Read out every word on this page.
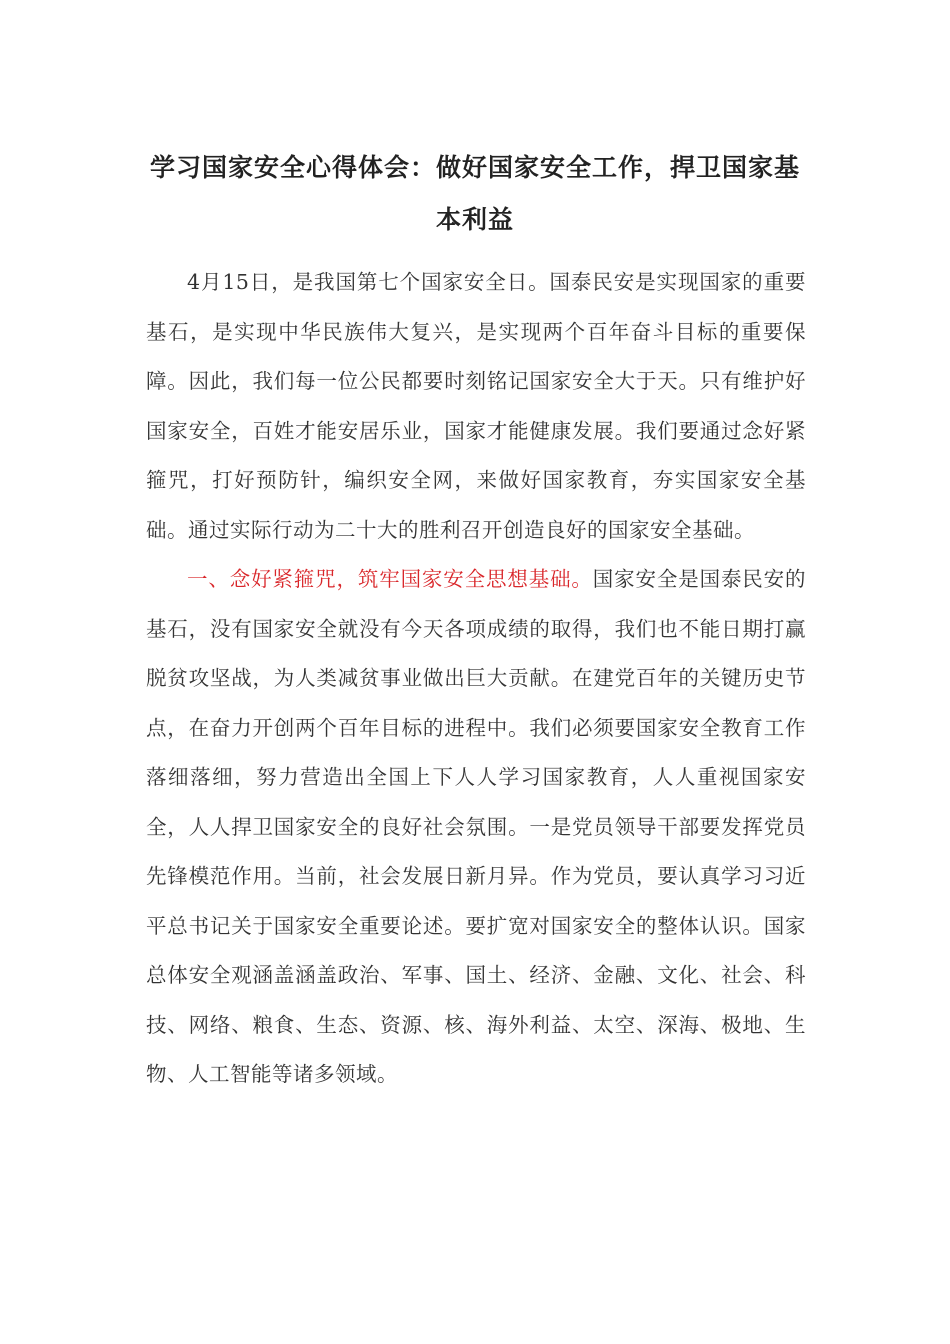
学习国家安全心得体会：做好国家安全工作，捍卫国家基本利益

4月15日，是我国第七个国家安全日。国泰民安是实现国家的重要基石，是实现中华民族伟大复兴，是实现两个百年奋斗目标的重要保障。因此，我们每一位公民都要时刻铭记国家安全大于天。只有维护好国家安全，百姓才能安居乐业，国家才能健康发展。我们要通过念好紧箍咒，打好预防针，编织安全网，来做好国家教育，夯实国家安全基础。通过实际行动为二十大的胜利召开创造良好的国家安全基础。

一、念好紧箍咒，筑牢国家安全思想基础。国家安全是国泰民安的基石，没有国家安全就没有今天各项成绩的取得，我们也不能日期打赢脱贫攻坚战，为人类减贫事业做出巨大贡献。在建党百年的关键历史节点，在奋力开创两个百年目标的进程中。我们必须要国家安全教育工作落细落细，努力营造出全国上下人人学习国家教育，人人重视国家安全，人人捍卫国家安全的良好社会氛围。一是党员领导干部要发挥党员先锋模范作用。当前，社会发展日新月异。作为党员，要认真学习习近平总书记关于国家安全重要论述。要扩宽对国家安全的整体认识。国家总体安全观涵盖涵盖政治、军事、国土、经济、金融、文化、社会、科技、网络、粮食、生态、资源、核、海外利益、太空、深海、极地、生物、人工智能等诸多领域。
